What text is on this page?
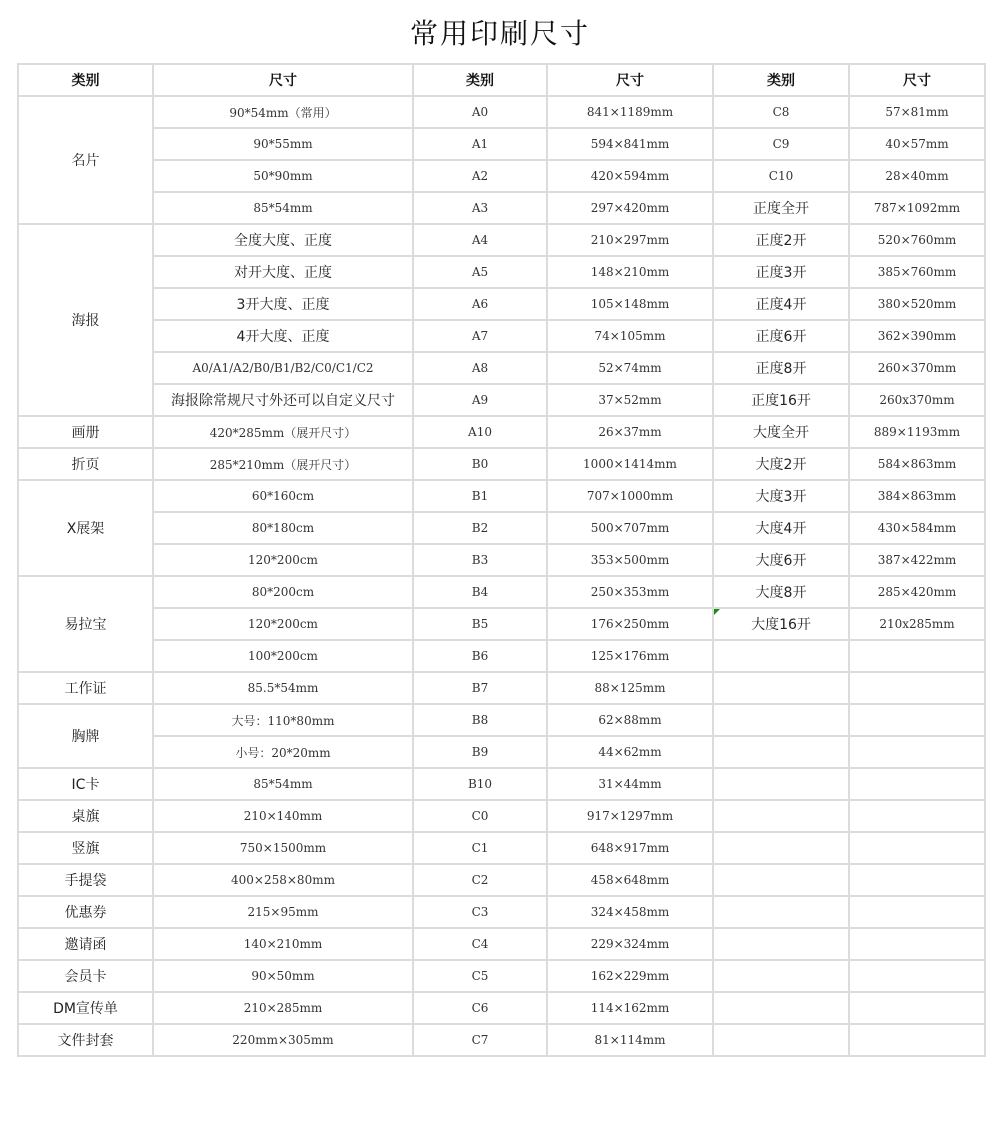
常用印刷尺寸
类别	尺寸	类别	尺寸	类别	尺寸
名片	90*54mm（常用）	A0	841×1189mm	C8	57×81mm
	90*55mm	A1	594×841mm	C9	40×57mm
	50*90mm	A2	420×594mm	C10	28×40mm
	85*54mm	A3	297×420mm	正度全开	787×1092mm
海报	全度大度、正度	A4	210×297mm	正度2开	520×760mm
	对开大度、正度	A5	148×210mm	正度3开	385×760mm
	3开大度、正度	A6	105×148mm	正度4开	380×520mm
	4开大度、正度	A7	74×105mm	正度6开	362×390mm
	A0/A1/A2/B0/B1/B2/C0/C1/C2	A8	52×74mm	正度8开	260×370mm
	海报除常规尺寸外还可以自定义尺寸	A9	37×52mm	正度16开	260x370mm
画册	420*285mm（展开尺寸）	A10	26×37mm	大度全开	889×1193mm
折页	285*210mm（展开尺寸）	B0	1000×1414mm	大度2开	584×863mm
X展架	60*160cm	B1	707×1000mm	大度3开	384×863mm
	80*180cm	B2	500×707mm	大度4开	430×584mm
	120*200cm	B3	353×500mm	大度6开	387×422mm
易拉宝	80*200cm	B4	250×353mm	大度8开	285×420mm
	120*200cm	B5	176×250mm	大度16开	210x285mm
	100*200cm	B6	125×176mm		
工作证	85.5*54mm	B7	88×125mm		
胸牌	大号：110*80mm	B8	62×88mm		
	小号：20*20mm	B9	44×62mm		
IC卡	85*54mm	B10	31×44mm		
桌旗	210×140mm	C0	917×1297mm		
竖旗	750×1500mm	C1	648×917mm		
手提袋	400×258×80mm	C2	458×648mm		
优惠券	215×95mm	C3	324×458mm		
邀请函	140×210mm	C4	229×324mm		
会员卡	90×50mm	C5	162×229mm		
DM宣传单	210×285mm	C6	114×162mm		
文件封套	220mm×305mm	C7	81×114mm		
